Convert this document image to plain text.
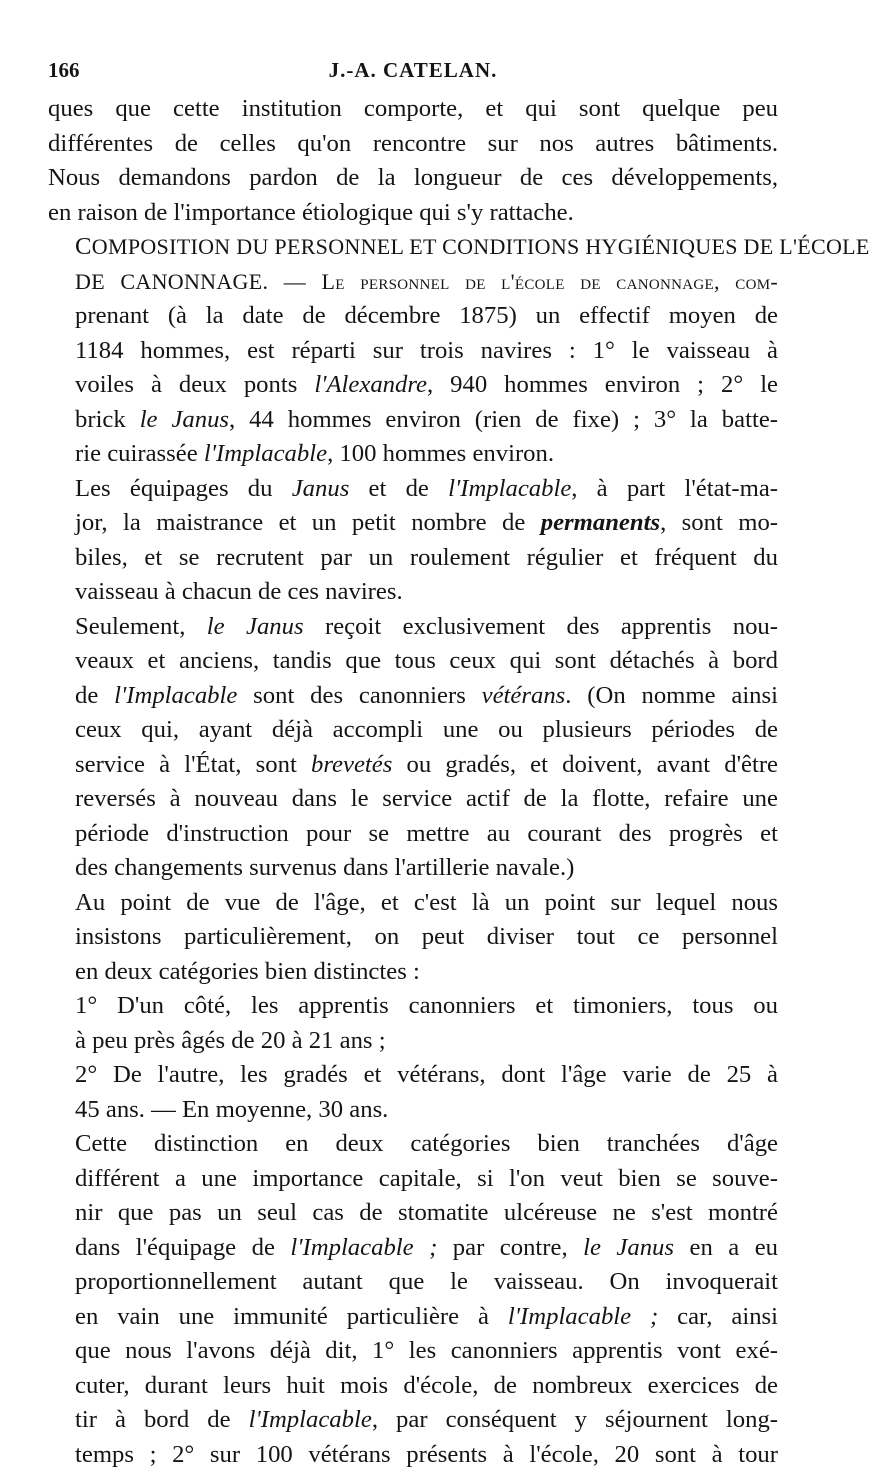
166	J.-A. CATELAN.

ques que cette institution comporte, et qui sont quelque peu
différentes de celles qu'on rencontre sur nos autres bâtiments.
Nous demandons pardon de la longueur de ces développements,
en raison de l'importance étiologique qui s'y rattache.

COMPOSITION DU PERSONNEL ET CONDITIONS HYGIÉNIQUES DE L'ÉCOLE
DE CANONNAGE. — Le personnel de l'école de canonnage, com-
prenant (à la date de décembre 1875) un effectif moyen de
1184 hommes, est réparti sur trois navires : 1° le vaisseau à
voiles à deux ponts l'Alexandre, 940 hommes environ ; 2° le
brick le Janus, 44 hommes environ (rien de fixe) ; 3° la batte-
rie cuirassée l'Implacable, 100 hommes environ.

Les équipages du Janus et de l'Implacable, à part l'état-ma-
jor, la maistrance et un petit nombre de permanents, sont mo-
biles, et se recrutent par un roulement régulier et fréquent du
vaisseau à chacun de ces navires.

Seulement, le Janus reçoit exclusivement des apprentis nou-
veaux et anciens, tandis que tous ceux qui sont détachés à bord
de l'Implacable sont des canonniers vétérans. (On nomme ainsi
ceux qui, ayant déjà accompli une ou plusieurs périodes de
service à l'État, sont brevetés ou gradés, et doivent, avant d'être
reversés à nouveau dans le service actif de la flotte, refaire une
période d'instruction pour se mettre au courant des progrès et
des changements survenus dans l'artillerie navale.)

Au point de vue de l'âge, et c'est là un point sur lequel nous
insistons particulièrement, on peut diviser tout ce personnel
en deux catégories bien distinctes :

1° D'un côté, les apprentis canonniers et timoniers, tous ou
à peu près âgés de 20 à 21 ans ;

2° De l'autre, les gradés et vétérans, dont l'âge varie de 25 à
45 ans. — En moyenne, 30 ans.

Cette distinction en deux catégories bien tranchées d'âge
différent a une importance capitale, si l'on veut bien se souve-
nir que pas un seul cas de stomatite ulcéreuse ne s'est montré
dans l'équipage de l'Implacable ; par contre, le Janus en a eu
proportionnellement autant que le vaisseau. On invoquerait
en vain une immunité particulière à l'Implacable ; car, ainsi
que nous l'avons déjà dit, 1° les canonniers apprentis vont exé-
cuter, durant leurs huit mois d'école, de nombreux exercices de
tir à bord de l'Implacable, par conséquent y séjournent long-
temps ; 2° sur 100 vétérans présents à l'école, 20 sont à tour
